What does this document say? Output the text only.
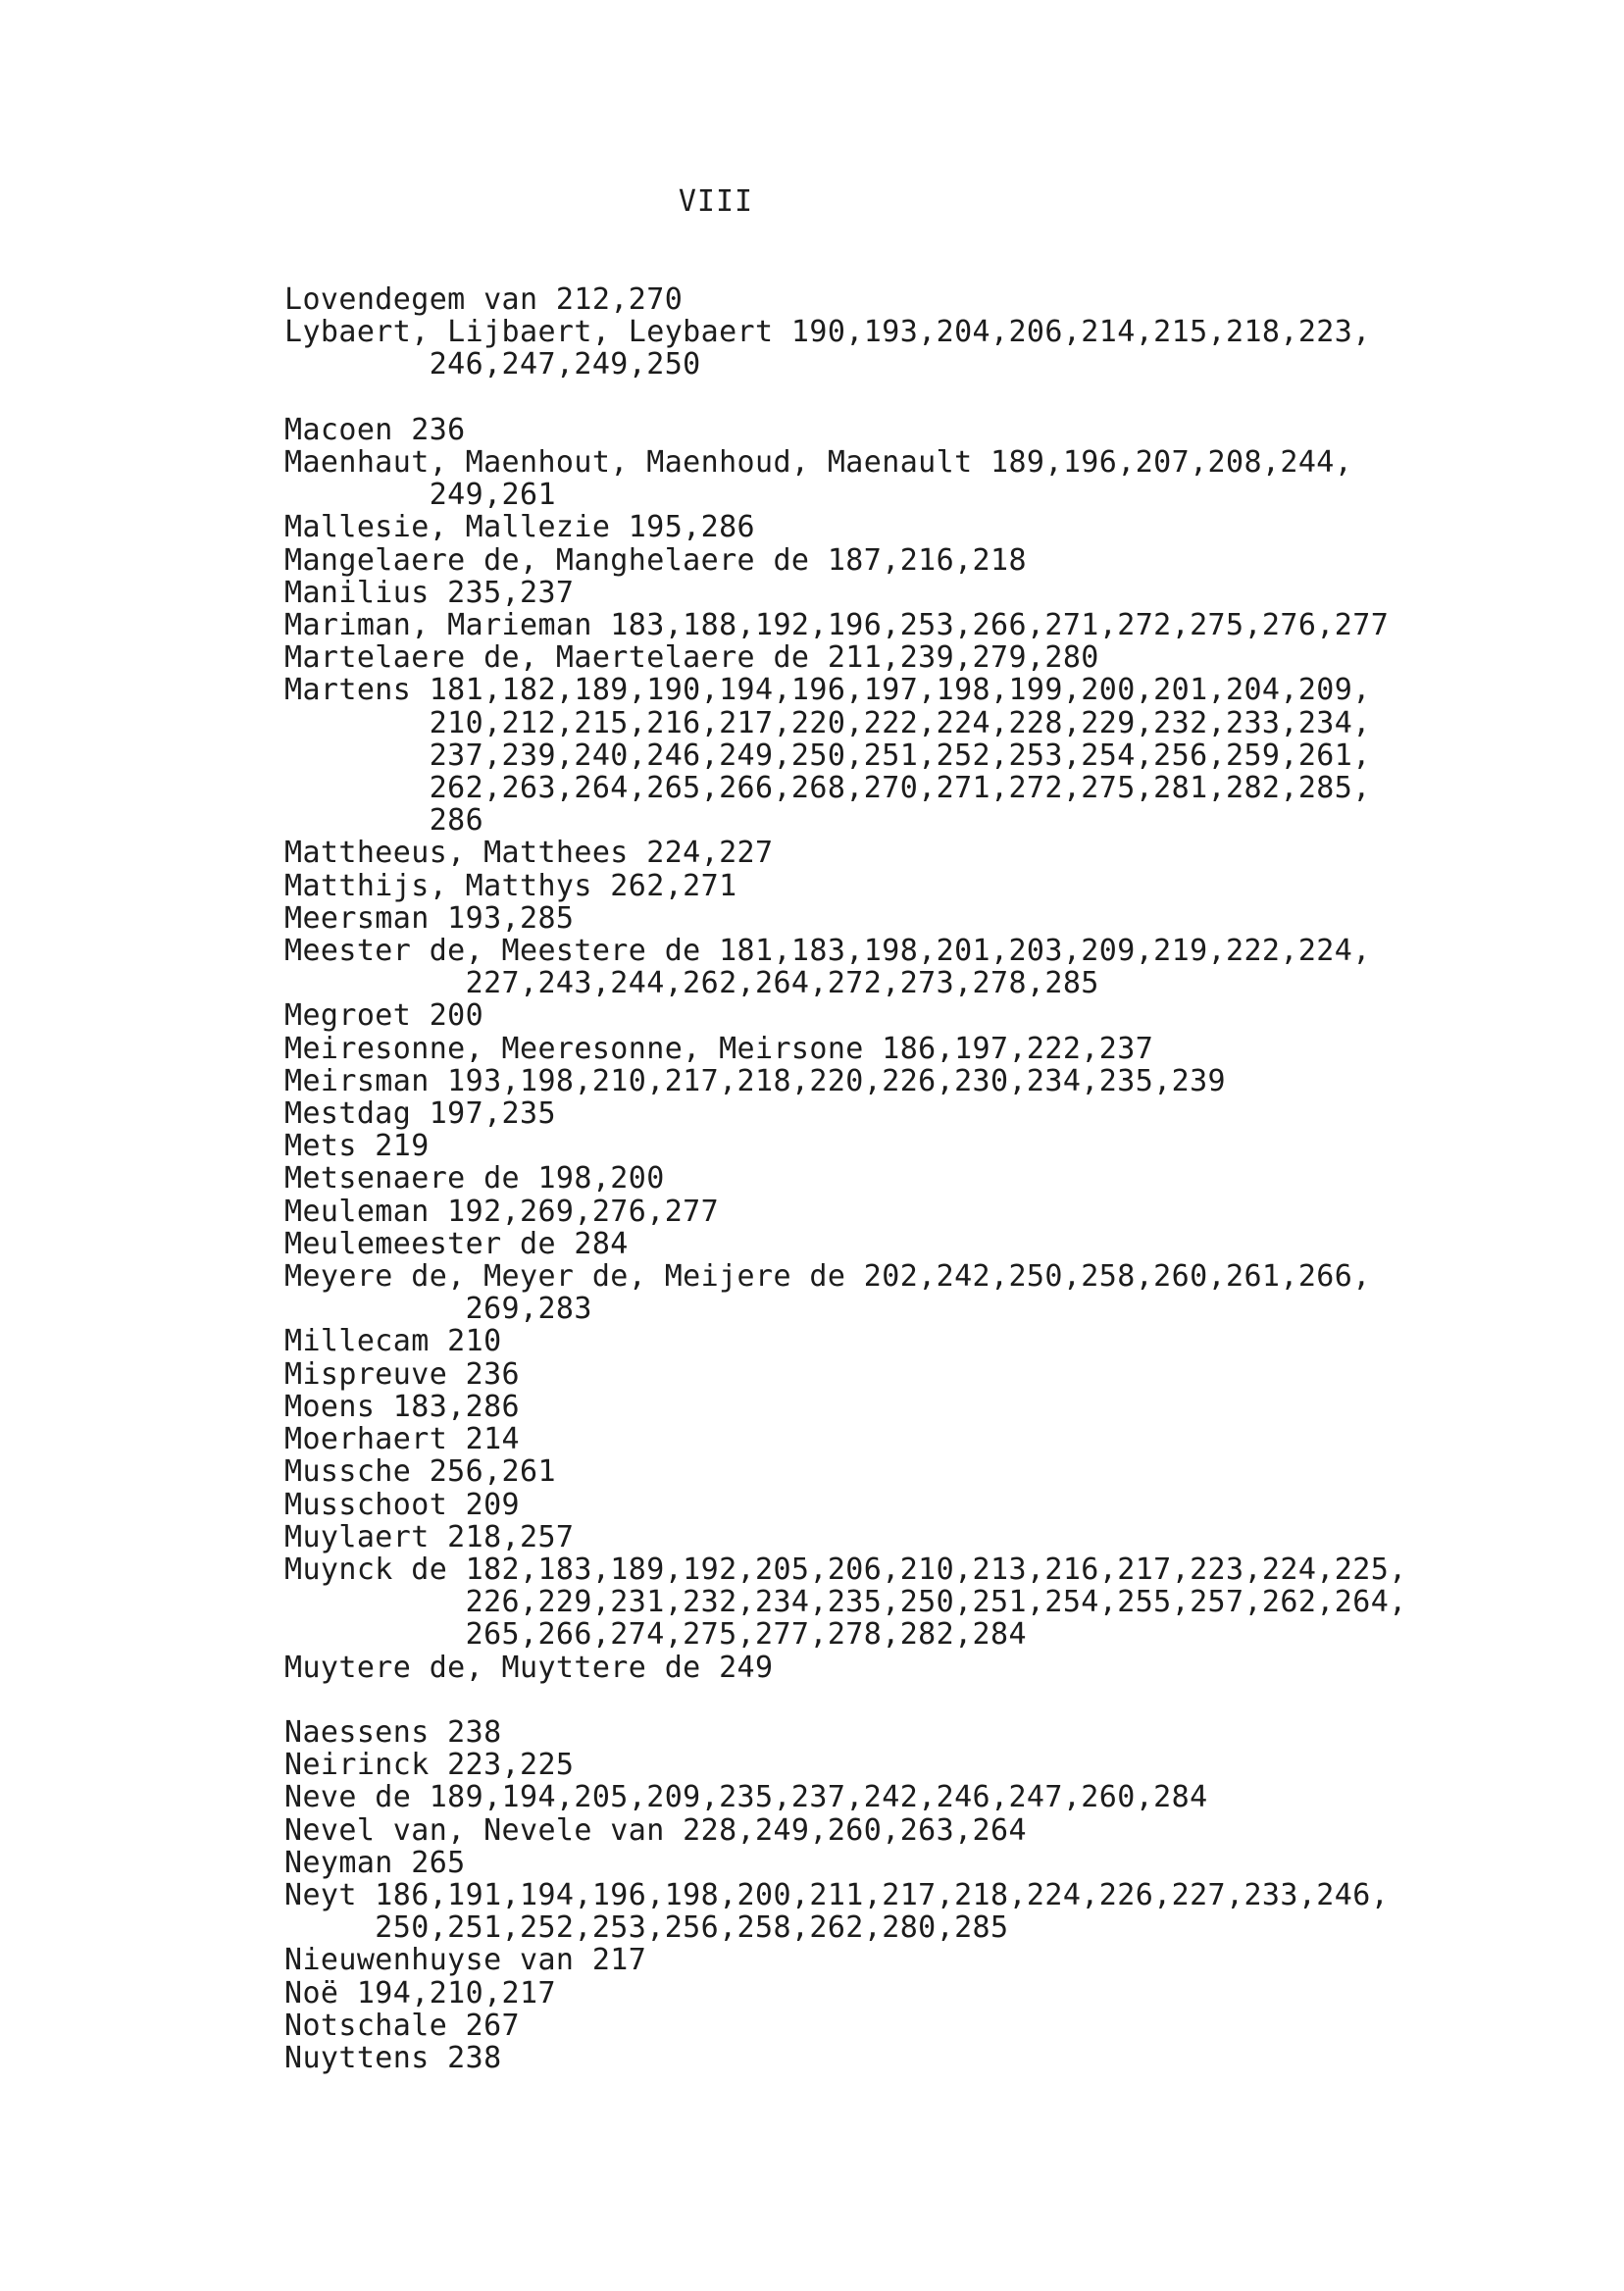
VIII
Lovendegem van 212,270
Lybaert, Lijbaert, Leybaert 190,193,204,206,214,215,218,223,
246,247,249,250
Macoen 236
Maenhaut, Maenhout, Maenhoud, Maenault 189,196,207,208,244,
249,261
Mallesie, Mallezie 195,286
Mangelaere de, Manghelaere de 187,216,218
Manilius 235,237
Mariman, Marieman 183,188,192,196,253,266,271,272,275,276,277
Martelaere de, Maertelaere de 211,239,279,280
Martens 181,182,189,190,194,196,197,198,199,200,201,204,209,
210,212,215,216,217,220,222,224,228,229,232,233,234,
237,239,240,246,249,250,251,252,253,254,256,259,261,
262,263,264,265,266,268,270,271,272,275,281,282,285,
286
Mattheeus, Matthees 224,227
Matthijs, Matthys 262,271
Meersman 193,285
Meester de, Meestere de 181,183,198,201,203,209,219,222,224,
227,243,244,262,264,272,273,278,285
Megroet 200
Meiresonne, Meeresonne, Meirsone 186,197,222,237
Meirsman 193,198,210,217,218,220,226,230,234,235,239
Mestdag 197,235
Mets 219
Metsenaere de 198,200
Meuleman 192,269,276,277
Meulemeester de 284
Meyere de, Meyer de, Meijere de 202,242,250,258,260,261,266,
269,283
Millecam 210
Mispreuve 236
Moens 183,286
Moerhaert 214
Mussche 256,261
Musschoot 209
Muylaert 218,257
Muynck de 182,183,189,192,205,206,210,213,216,217,223,224,225,
226,229,231,232,234,235,250,251,254,255,257,262,264,
265,266,274,275,277,278,282,284
Muytere de, Muyttere de 249
Naessens 238
Neirinck 223,225
Neve de 189,194,205,209,235,237,242,246,247,260,284
Nevel van, Nevele van 228,249,260,263,264
Neyman 265
Neyt 186,191,194,196,198,200,211,217,218,224,226,227,233,246,
250,251,252,253,256,258,262,280,285
Nieuwenhuyse van 217
Noë 194,210,217
Notschale 267
Nuyttens 238
